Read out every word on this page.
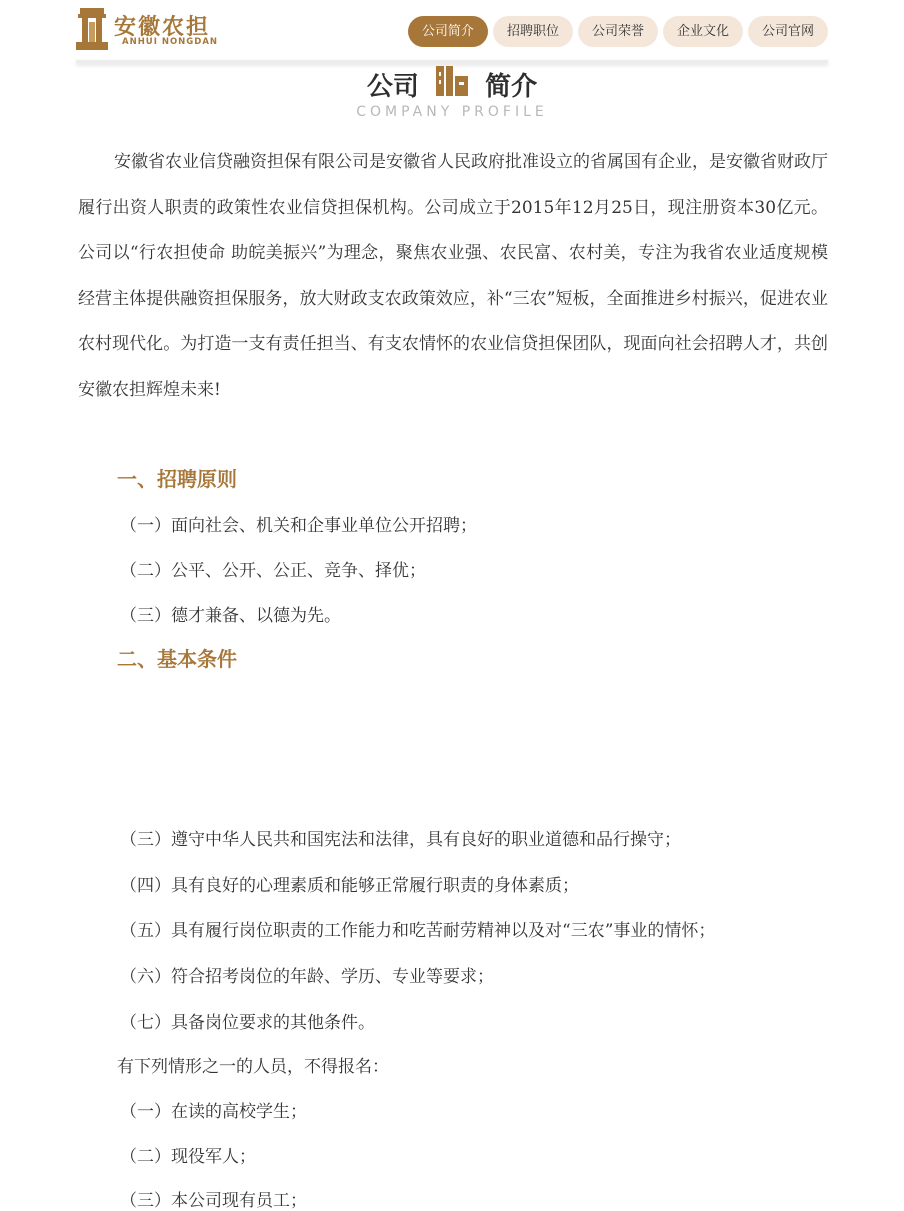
安徽农担
ANHUI NONGDAN
公司简介	招聘职位	公司荣誉	企业文化	公司官网
公司	简介
COMPANY PROFILE

安徽省农业信贷融资担保有限公司是安徽省人民政府批准设立的省属国有企业，是安徽省财政厅履行出资人职责的政策性农业信贷担保机构。公司成立于2015年12月25日，现注册资本30亿元。公司以“行农担使命 助皖美振兴”为理念，聚焦农业强、农民富、农村美，专注为我省农业适度规模经营主体提供融资担保服务，放大财政支农政策效应，补“三农”短板，全面推进乡村振兴，促进农业农村现代化。为打造一支有责任担当、有支农情怀的农业信贷担保团队，现面向社会招聘人才，共创安徽农担辉煌未来!

一、招聘原则
（一）面向社会、机关和企事业单位公开招聘；
（二）公平、公开、公正、竞争、择优；
（三）德才兼备、以德为先。
二、基本条件
（三）遵守中华人民共和国宪法和法律，具有良好的职业道德和品行操守；
（四）具有良好的心理素质和能够正常履行职责的身体素质；
（五）具有履行岗位职责的工作能力和吃苦耐劳精神以及对“三农”事业的情怀；
（六）符合招考岗位的年龄、学历、专业等要求；
（七）具备岗位要求的其他条件。
有下列情形之一的人员，不得报名：
（一）在读的高校学生；
（二）现役军人；
（三）本公司现有员工；
